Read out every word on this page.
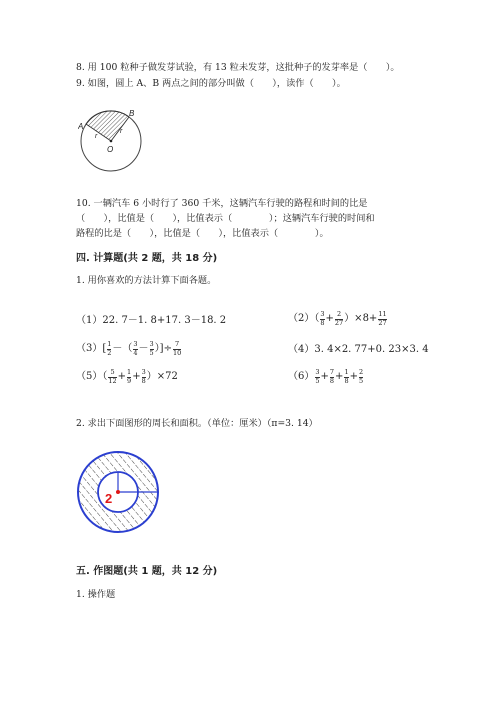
8. 用 100 粒种子做发芽试验，有 13 粒未发芽，这批种子的发芽率是（　　）。
9. 如图，圆上 A、B 两点之间的部分叫做（　　），读作（　　）。
A
B
O
r
r
10. 一辆汽车 6 小时行了 360 千米，这辆汽车行驶的路程和时间的比是
（　　），比值是（　　），比值表示（　　　　）；这辆汽车行驶的时间和
路程的比是（　　），比值是（　　），比值表示（　　　　）。
四. 计算题(共 2 题，共 18 分)
1. 用你喜欢的方法计算下面各题。
（1）22. 7－1. 8+17. 3－18. 2	$(2)( \frac{3}{8} + \frac{2}{27} )\times 8+ \frac{11}{27}$
$(3)[ \frac{1}{2}$ －（ $\frac{3}{4} - \frac{3}{5}$ ）]÷ $\frac{7}{10}$	（4）3. 4×2. 77+0. 23×3. 4
$(5)( \frac{5}{12} + \frac{1}{9} + \frac{3}{8} )\times 72$	$(6) \frac{3}{5} + \frac{7}{8} + \frac{1}{8} + \frac{2}{5}$
2. 求出下面图形的周长和面积。（单位：厘米）（π=3. 14）
2
五. 作图题(共 1 题，共 12 分)
1. 操作题
